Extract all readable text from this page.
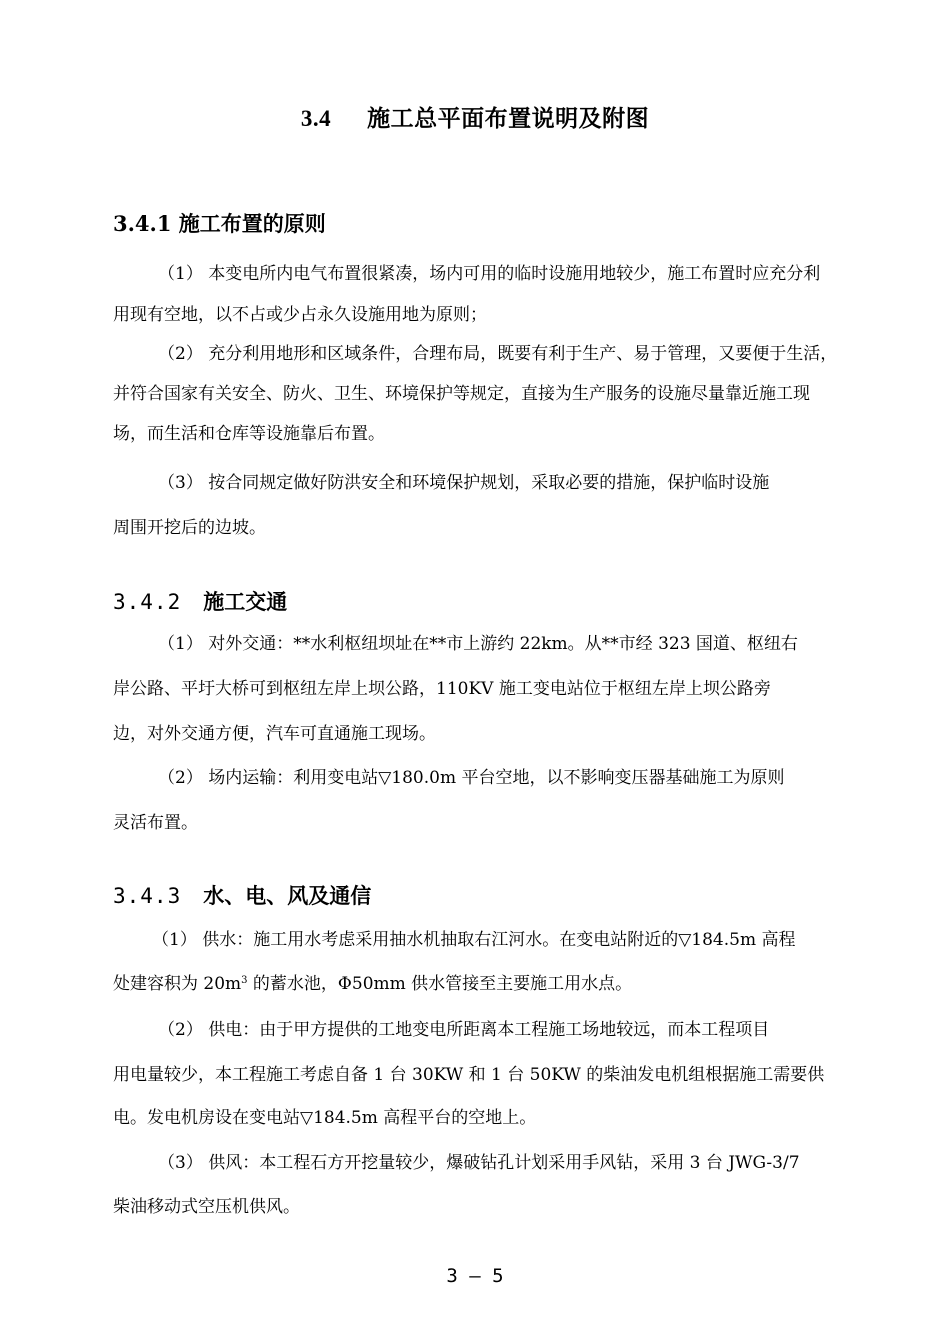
3.4 施工总平面布置说明及附图
3.4.1 施工布置的原则
（1） 本变电所内电气布置很紧凑，场内可用的临时设施用地较少，施工布置时应充分利
用现有空地，以不占或少占永久设施用地为原则；
（2） 充分利用地形和区域条件，合理布局，既要有利于生产、易于管理，又要便于生活，
并符合国家有关安全、防火、卫生、环境保护等规定，直接为生产服务的设施尽量靠近施工现
场，而生活和仓库等设施靠后布置。
（3） 按合同规定做好防洪安全和环境保护规划，采取必要的措施，保护临时设施
周围开挖后的边坡。
3.4.2 施工交通
（1） 对外交通：**水利枢纽坝址在**市上游约 22km。从**市经 323 国道、枢纽右
岸公路、平圩大桥可到枢纽左岸上坝公路，110KV 施工变电站位于枢纽左岸上坝公路旁
边，对外交通方便，汽车可直通施工现场。
（2） 场内运输：利用变电站▽180.0m 平台空地，以不影响变压器基础施工为原则
灵活布置。
3.4.3 水、电、风及通信
（1） 供水：施工用水考虑采用抽水机抽取右江河水。在变电站附近的▽184.5m 高程
处建容积为 $20m^3$ 的蓄水池，Φ50mm 供水管接至主要施工用水点。
（2） 供电：由于甲方提供的工地变电所距离本工程施工场地较远，而本工程项目
用电量较少，本工程施工考虑自备 1 台 30KW 和 1 台 50KW 的柴油发电机组根据施工需要供
电。发电机房设在变电站▽184.5m 高程平台的空地上。
（3） 供风：本工程石方开挖量较少，爆破钻孔计划采用手风钻，采用 3 台 JWG-3/7
柴油移动式空压机供风。
3 – 5
